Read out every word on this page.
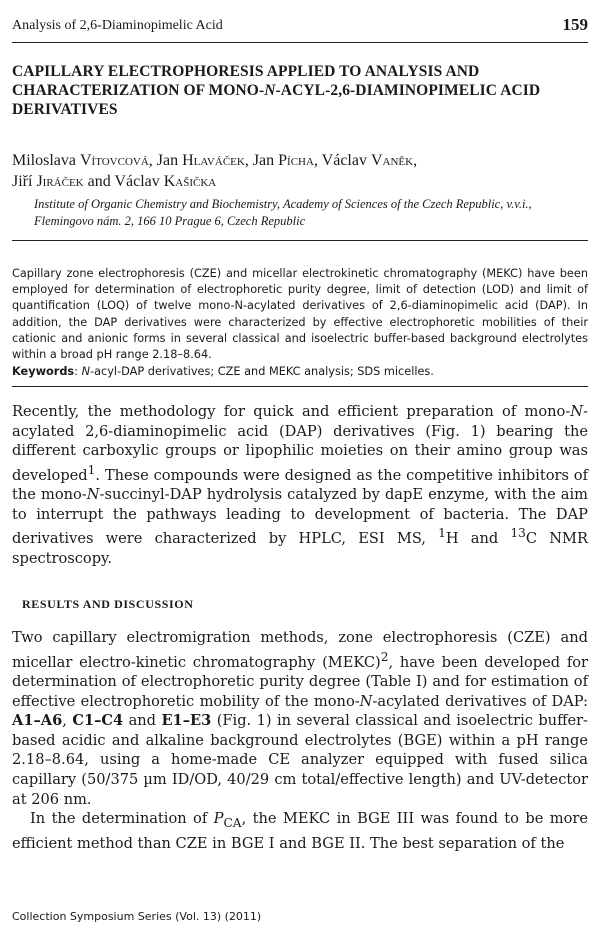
Analysis of 2,6-Diaminopimelic Acid	159
CAPILLARY ELECTROPHORESIS APPLIED TO ANALYSIS AND
CHARACTERIZATION OF MONO-N-ACYL-2,6-DIAMINOPIMELIC ACID
DERIVATIVES
Miloslava Vítovcová, Jan Hlaváček, Jan Pícha, Václav Vaněk,
Jiří Jiráček and Václav Kašička
Institute of Organic Chemistry and Biochemistry, Academy of Sciences of the Czech Republic, v.v.i.,
Flemingovo nám. 2, 166 10 Prague 6, Czech Republic

Capillary zone electrophoresis (CZE) and micellar electrokinetic chromatography (MEKC) have been employed for determination of electrophoretic purity degree, limit of detection (LOD) and limit of quantification (LOQ) of twelve mono-N-acylated derivatives of 2,6-diaminopimelic acid (DAP). In addition, the DAP derivatives were characterized by effective electrophoretic mobilities of their cationic and anionic forms in several classical and isoelectric buffer-based background electrolytes within a broad pH range 2.18–8.64.

Keywords: N-acyl-DAP derivatives; CZE and MEKC analysis; SDS micelles.

Recently, the methodology for quick and efficient preparation of mono-N-acylated 2,6-diaminopimelic acid (DAP) derivatives (Fig. 1) bearing the different carboxylic groups or lipophilic moieties on their amino group was developed$^1$. These compounds were designed as the competitive inhibitors of the mono-N-succinyl-DAP hydrolysis catalyzed by dapE enzyme, with the aim to interrupt the pathways leading to development of bacteria. The DAP derivatives were characterized by HPLC, ESI MS, $^1$H and $^{13}$C NMR spectroscopy.

RESULTS AND DISCUSSION

Two capillary electromigration methods, zone electrophoresis (CZE) and micellar electro-kinetic chromatography (MEKC)$^2$, have been developed for determination of electrophoretic purity degree (Table I) and for estimation of effective electrophoretic mobility of the mono-N-acylated derivatives of DAP: A1–A6, C1–C4 and E1–E3 (Fig. 1) in several classical and isoelectric buffer-based acidic and alkaline background electrolytes (BGE) within a pH range 2.18–8.64, using a home-made CE analyzer equipped with fused silica capillary (50/375 µm ID/OD, 40/29 cm total/effective length) and UV-detector at 206 nm.

In the determination of $P_{CA}$, the MEKC in BGE III was found to be more efficient method than CZE in BGE I and BGE II. The best separation of the

Collection Symposium Series (Vol. 13) (2011)
